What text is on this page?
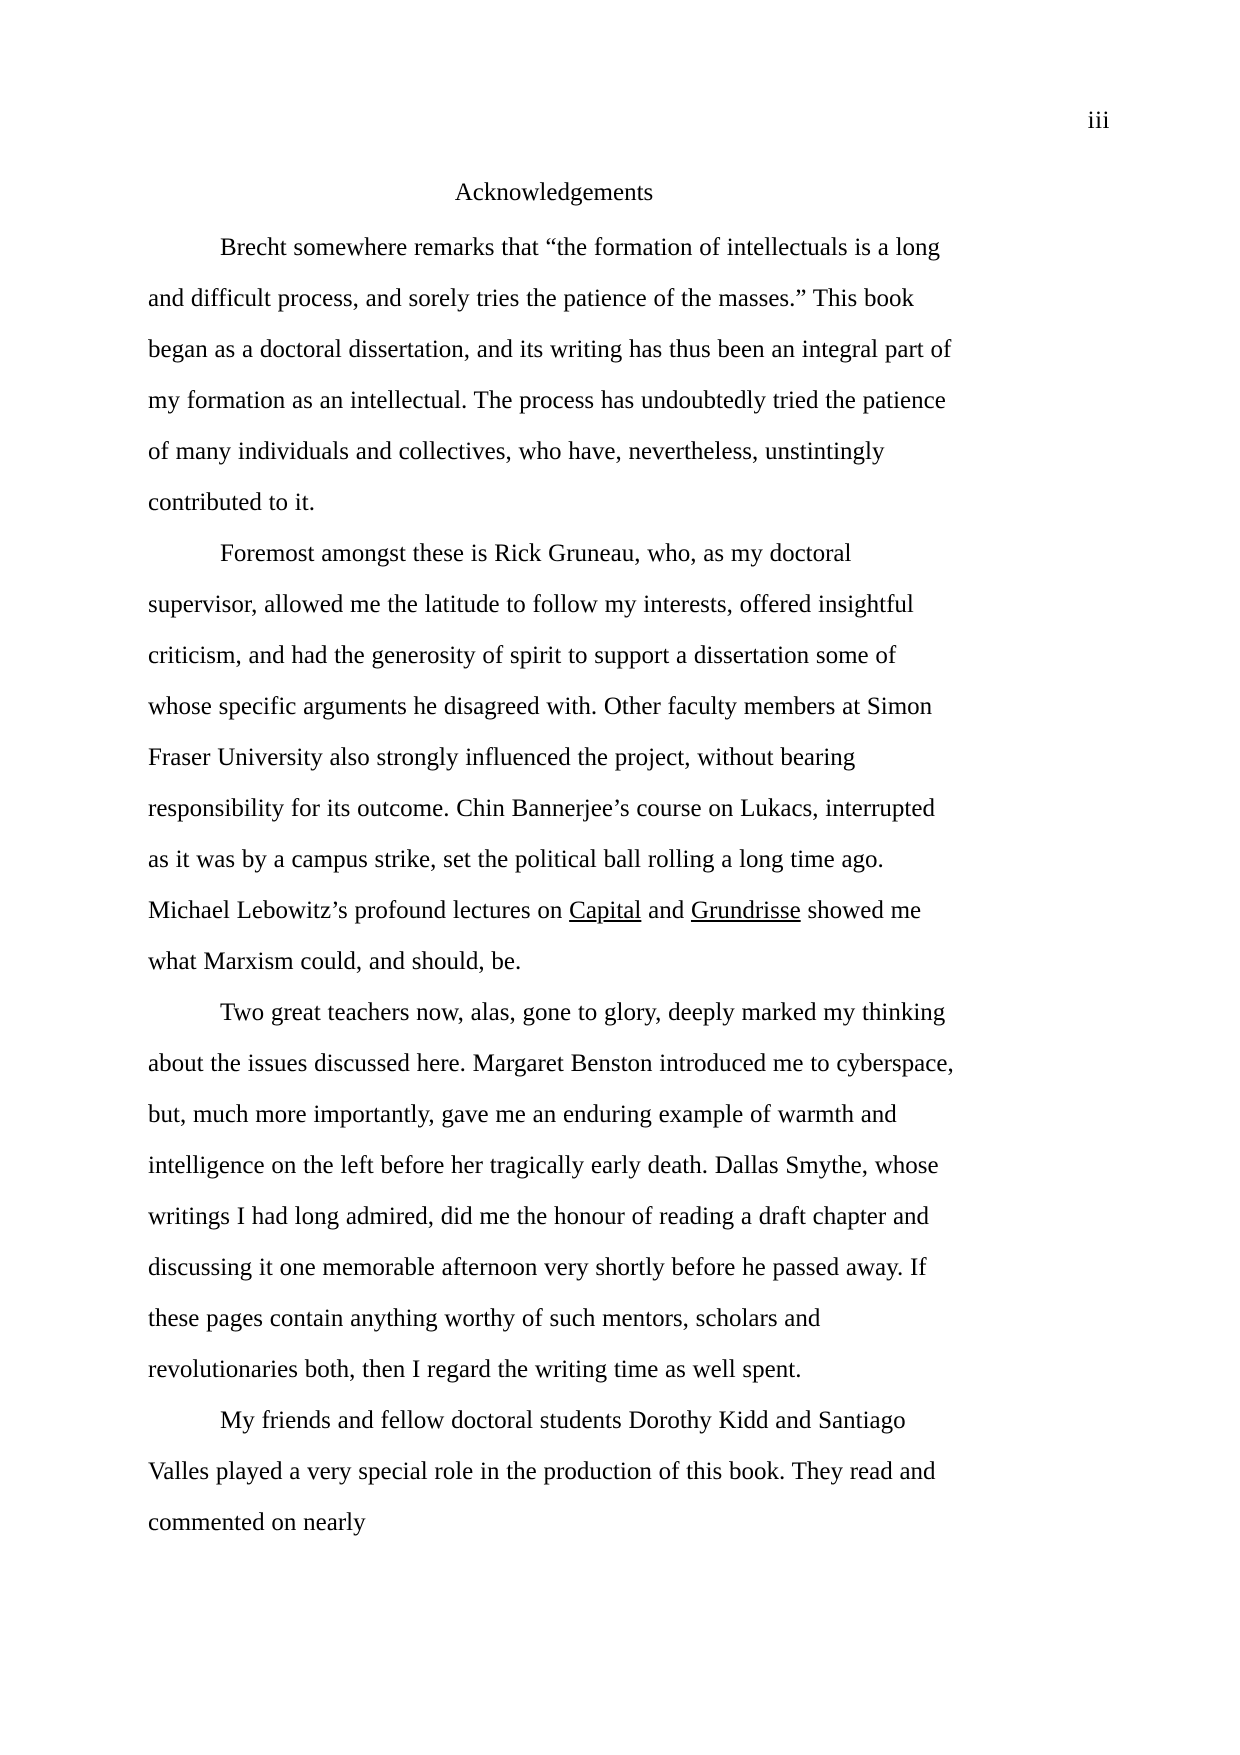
iii
Acknowledgements

Brecht somewhere remarks that “the formation of intellectuals is a long and difficult process, and sorely tries the patience of the masses.” This book began as a doctoral dissertation, and its writing has thus been an integral part of my formation as an intellectual. The process has undoubtedly tried the patience of many individuals and collectives, who have, nevertheless, unstintingly contributed to it.

Foremost amongst these is Rick Gruneau, who, as my doctoral supervisor, allowed me the latitude to follow my interests, offered insightful criticism, and had the generosity of spirit to support a dissertation some of whose specific arguments he disagreed with. Other faculty members at Simon Fraser University also strongly influenced the project, without bearing responsibility for its outcome. Chin Bannerjee’s course on Lukacs, interrupted as it was by a campus strike, set the political ball rolling a long time ago. Michael Lebowitz’s profound lectures on Capital and Grundrisse showed me what Marxism could, and should, be.

Two great teachers now, alas, gone to glory, deeply marked my thinking about the issues discussed here. Margaret Benston introduced me to cyberspace, but, much more importantly, gave me an enduring example of warmth and intelligence on the left before her tragically early death. Dallas Smythe, whose writings I had long admired, did me the honour of reading a draft chapter and discussing it one memorable afternoon very shortly before he passed away. If these pages contain anything worthy of such mentors, scholars and revolutionaries both, then I regard the writing time as well spent.

My friends and fellow doctoral students Dorothy Kidd and Santiago Valles played a very special role in the production of this book. They read and commented on nearly
